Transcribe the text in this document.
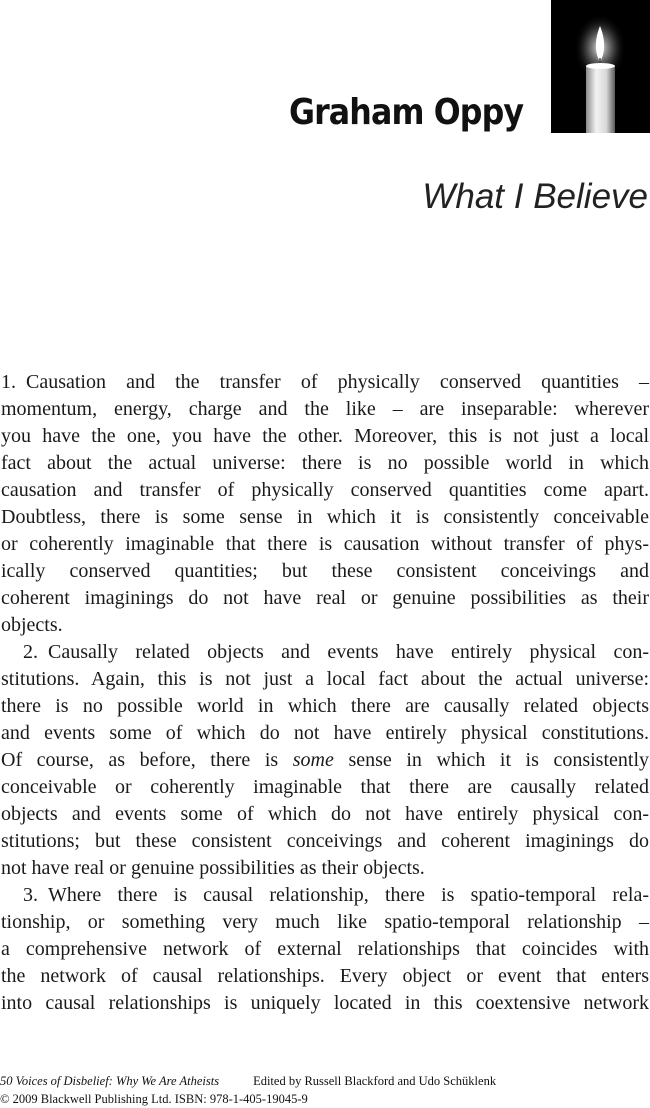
Graham Oppy
What I Believe
1. Causation and the transfer of physically conserved quantities –
momentum, energy, charge and the like – are inseparable: wherever
you have the one, you have the other. Moreover, this is not just a local
fact about the actual universe: there is no possible world in which
causation and transfer of physically conserved quantities come apart.
Doubtless, there is some sense in which it is consistently conceivable
or coherently imaginable that there is causation without transfer of phys-
ically conserved quantities; but these consistent conceivings and
coherent imaginings do not have real or genuine possibilities as their
objects.
2. Causally related objects and events have entirely physical con-
stitutions. Again, this is not just a local fact about the actual universe:
there is no possible world in which there are causally related objects
and events some of which do not have entirely physical constitutions.
Of course, as before, there is some sense in which it is consistently
conceivable or coherently imaginable that there are causally related
objects and events some of which do not have entirely physical con-
stitutions; but these consistent conceivings and coherent imaginings do
not have real or genuine possibilities as their objects.
3. Where there is causal relationship, there is spatio-temporal rela-
tionship, or something very much like spatio-temporal relationship –
a comprehensive network of external relationships that coincides with
the network of causal relationships. Every object or event that enters
into causal relationships is uniquely located in this coextensive network
50 Voices of Disbelief: Why We Are Atheists	Edited by Russell Blackford and Udo Schüklenk
© 2009 Blackwell Publishing Ltd. ISBN: 978-1-405-19045-9
